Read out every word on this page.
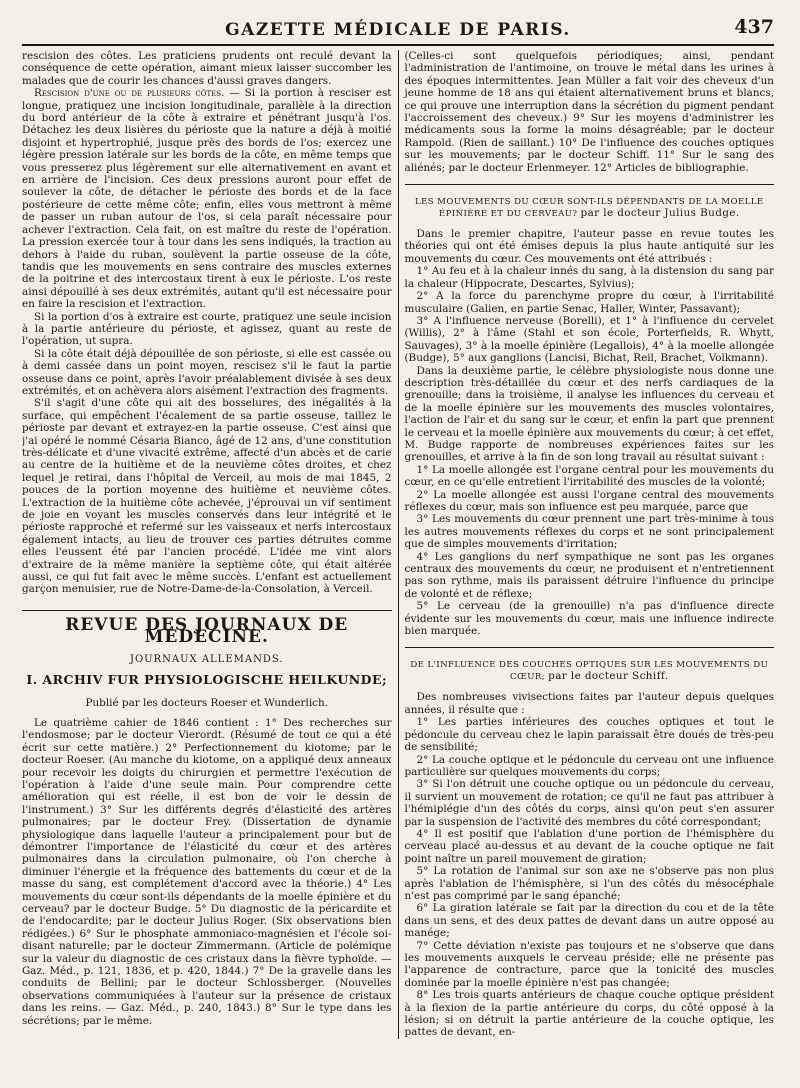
GAZETTE MÉDICALE DE PARIS.	437

rescision des côtes. Les praticiens prudents ont reculé devant la conséquence de cette opération, aimant mieux laisser succomber les malades que de courir les chances d'aussi graves dangers.

Rescision d'une ou de plusieurs côtes. — Si la portion à resciser est longue, pratiquez une incision longitudinale, parallèle à la direction du bord antérieur de la côte à extraire et pénétrant jusqu'à l'os. Détachez les deux lisières du périoste que la nature a déjà à moitié disjoint et hypertrophié, jusque près des bords de l'os; exercez une légère pression latérale sur les bords de la côte, en même temps que vous presserez plus légèrement sur elle alternativement en avant et en arrière de l'incision. Ces deux pressions auront pour effet de soulever la côte, de détacher le périoste des bords et de la face postérieure de cette même côte; enfin, elles vous mettront à même de passer un ruban autour de l'os, si cela paraît nécessaire pour achever l'extraction. Cela fait, on est maître du reste de l'opération. La pression exercée tour à tour dans les sens indiqués, la traction au dehors à l'aide du ruban, soulèvent la partie osseuse de la côte, tandis que les mouvements en sens contraire des muscles externes de la poitrine et des intercostaux tirent à eux le périoste. L'os reste ainsi dépouillé à ses deux extrémités, autant qu'il est nécessaire pour en faire la rescision et l'extraction.

Si la portion d'os à extraire est courte, pratiquez une seule incision à la partie antérieure du périoste, et agissez, quant au reste de l'opération, ut supra.

Si la côte était déjà dépouillée de son périoste, si elle est cassée ou à demi cassée dans un point moyen, rescisez s'il le faut la partie osseuse dans ce point, après l'avoir préalablement divisée à ses deux extrémités, et on achèvera alors aisément l'extraction des fragments.

S'il s'agit d'une côte qui ait des bosselures, des inégalités à la surface, qui empêchent l'écalement de sa partie osseuse, taillez le périoste par devant et extrayez-en la partie osseuse. C'est ainsi que j'ai opéré le nommé Césaria Bianco, âgé de 12 ans, d'une constitution très-délicate et d'une vivacité extrême, affecté d'un abcès et de carie au centre de la huitième et de la neuvième côtes droites, et chez lequel je retirai, dans l'hôpital de Verceil, au mois de mai 1845, 2 pouces de la portion moyenne des huitième et neuvième côtes. L'extraction de la huitième côte achevée, j'éprouvai un vif sentiment de joie en voyant les muscles conservés dans leur intégrité et le périoste rapproché et refermé sur les vaisseaux et nerfs intercostaux également intacts, au lieu de trouver ces parties détruites comme elles l'eussent été par l'ancien procédé. L'idée me vint alors d'extraire de la même manière la septième côte, qui était altérée aussi, ce qui fut fait avec le même succès. L'enfant est actuellement garçon menuisier, rue de Notre-Dame-de-la-Consolation, à Verceil.

REVUE DES JOURNAUX DE MÉDECINE.
JOURNAUX ALLEMANDS.
I. ARCHIV FUR PHYSIOLOGISCHE HEILKUNDE;
Publié par les docteurs Roeser et Wunderlich.

Le quatrième cahier de 1846 contient : 1° Des recherches sur l'endosmose; par le docteur Vierordt. (Résumé de tout ce qui a été écrit sur cette matière.) 2° Perfectionnement du kiotome; par le docteur Roeser. (Au manche du kiotome, on a appliqué deux anneaux pour recevoir les doigts du chirurgien et permettre l'exécution de l'opération à l'aide d'une seule main. Pour comprendre cette amélioration qui est réelle, il est bon de voir le dessin de l'instrument.) 3° Sur les différents degrés d'élasticité des artères pulmonaires; par le docteur Frey. (Dissertation de dynamie physiologique dans laquelle l'auteur a principalement pour but de démontrer l'importance de l'élasticité du cœur et des artères pulmonaires dans la circulation pulmonaire, où l'on cherche à diminuer l'énergie et la fréquence des battements du cœur et de la masse du sang, est complétement d'accord avec la théorie.) 4° Les mouvements du cœur sont-ils dépendants de la moelle épinière et du cerveau? par le docteur Budge. 5° Du diagnostic de la péricardite et de l'endocardite; par le docteur Julius Roger. (Six observations bien rédigées.) 6° Sur le phosphate ammoniaco-magnésien et l'école soi-disant naturelle; par le docteur Zimmermann. (Article de polémique sur la valeur du diagnostic de ces cristaux dans la fièvre typhoïde. — Gaz. Méd., p. 121, 1836, et p. 420, 1844.) 7° De la gravelle dans les conduits de Bellini; par le docteur Schlossberger. (Nouvelles observations communiquées à l'auteur sur la présence de cristaux dans les reins. — Gaz. Méd., p. 240, 1843.) 8° Sur le type dans les sécrétions; par le même.

(Celles-ci sont quelquefois périodiques; ainsi, pendant l'administration de l'antimoine, on trouve le métal dans les urines à des époques intermittentes. Jean Müller a fait voir des cheveux d'un jeune homme de 18 ans qui étaient alternativement bruns et blancs, ce qui prouve une interruption dans la sécrétion du pigment pendant l'accroissement des cheveux.) 9° Sur les moyens d'administrer les médicaments sous la forme la moins désagréable; par le docteur Rampold. (Rien de saillant.) 10° De l'influence des couches optiques sur les mouvements; par le docteur Schiff. 11° Sur le sang des aliénés; par le docteur Erlenmeyer. 12° Articles de bibliographie.

LES MOUVEMENTS DU CŒUR SONT-ILS DÉPENDANTS DE LA MOELLE ÉPINIÈRE ET DU CERVEAU? par le docteur Julius Budge.

Dans le premier chapitre, l'auteur passe en revue toutes les théories qui ont été émises depuis la plus haute antiquité sur les mouvements du cœur. Ces mouvements ont été attribués :

1° Au feu et à la chaleur innés du sang, à la distension du sang par la chaleur (Hippocrate, Descartes, Sylvius);

2° A la force du parenchyme propre du cœur, à l'irritabilité musculaire (Galien, en partie Senac, Haller, Winter, Passavant);

3° A l'influence nerveuse (Borelli), et 1° à l'influence du cervelet (Willis), 2° à l'âme (Stahl et son école, Porterfields, R. Whytt, Sauvages), 3° à la moelle épinière (Legallois), 4° à la moelle allongée (Budge), 5° aux ganglions (Lancisi, Bichat, Reil, Brachet, Volkmann).

Dans la deuxième partie, le célèbre physiologiste nous donne une description très-détaillée du cœur et des nerfs cardiaques de la grenouille; dans la troisième, il analyse les influences du cerveau et de la moelle épinière sur les mouvements des muscles volontaires, l'action de l'air et du sang sur le cœur, et enfin la part que prennent le cerveau et la moelle épinière aux mouvements du cœur; à cet effet, M. Budge rapporte de nombreuses expériences faites sur les grenouilles, et arrive à la fin de son long travail au résultat suivant :

1° La moelle allongée est l'organe central pour les mouvements du cœur, en ce qu'elle entretient l'irritabilité des muscles de la volonté;

2° La moelle allongée est aussi l'organe central des mouvements réflexes du cœur, mais son influence est peu marquée, parce que

3° Les mouvements du cœur prennent une part très-minime à tous les autres mouvements réflexes du corps et ne sont principalement que de simples mouvements d'irritation;

4° Les ganglions du nerf sympathique ne sont pas les organes centraux des mouvements du cœur, ne produisent et n'entretiennent pas son rythme, mais ils paraissent détruire l'influence du principe de volonté et de réflexe;

5° Le cerveau (de la grenouille) n'a pas d'influence directe évidente sur les mouvements du cœur, mais une influence indirecte bien marquée.

DE L'INFLUENCE DES COUCHES OPTIQUES SUR LES MOUVEMENTS DU CŒUR; par le docteur Schiff.

Des nombreuses vivisections faites par l'auteur depuis quelques années, il résulte que :

1° Les parties inférieures des couches optiques et tout le pédoncule du cerveau chez le lapin paraissait être doués de très-peu de sensibilité;

2° La couche optique et le pédoncule du cerveau ont une influence particulière sur quelques mouvements du corps;

3° Si l'on détruit une couche optique ou un pédoncule du cerveau, il survient un mouvement de rotation; ce qu'il ne faut pas attribuer à l'hémiplégie d'un des côtés du corps, ainsi qu'on peut s'en assurer par la suspension de l'activité des membres du côté correspondant;

4° Il est positif que l'ablation d'une portion de l'hémisphère du cerveau placé au-dessus et au devant de la couche optique ne fait point naître un pareil mouvement de giration;

5° La rotation de l'animal sur son axe ne s'observe pas non plus après l'ablation de l'hémisphère, si l'un des côtés du mésocéphale n'est pas comprimé par le sang épanché;

6° La giration latérale se fait par la direction du cou et de la tête dans un sens, et des deux pattes de devant dans un autre opposé au manége;

7° Cette déviation n'existe pas toujours et ne s'observe que dans les mouvements auxquels le cerveau préside; elle ne présente pas l'apparence de contracture, parce que la tonicité des muscles dominée par la moelle épinière n'est pas changée;

8° Les trois quarts antérieurs de chaque couche optique président à la flexion de la partie antérieure du corps, du côté opposé à la lésion; si on détruit la partie antérieure de la couche optique, les pattes de devant, en-
